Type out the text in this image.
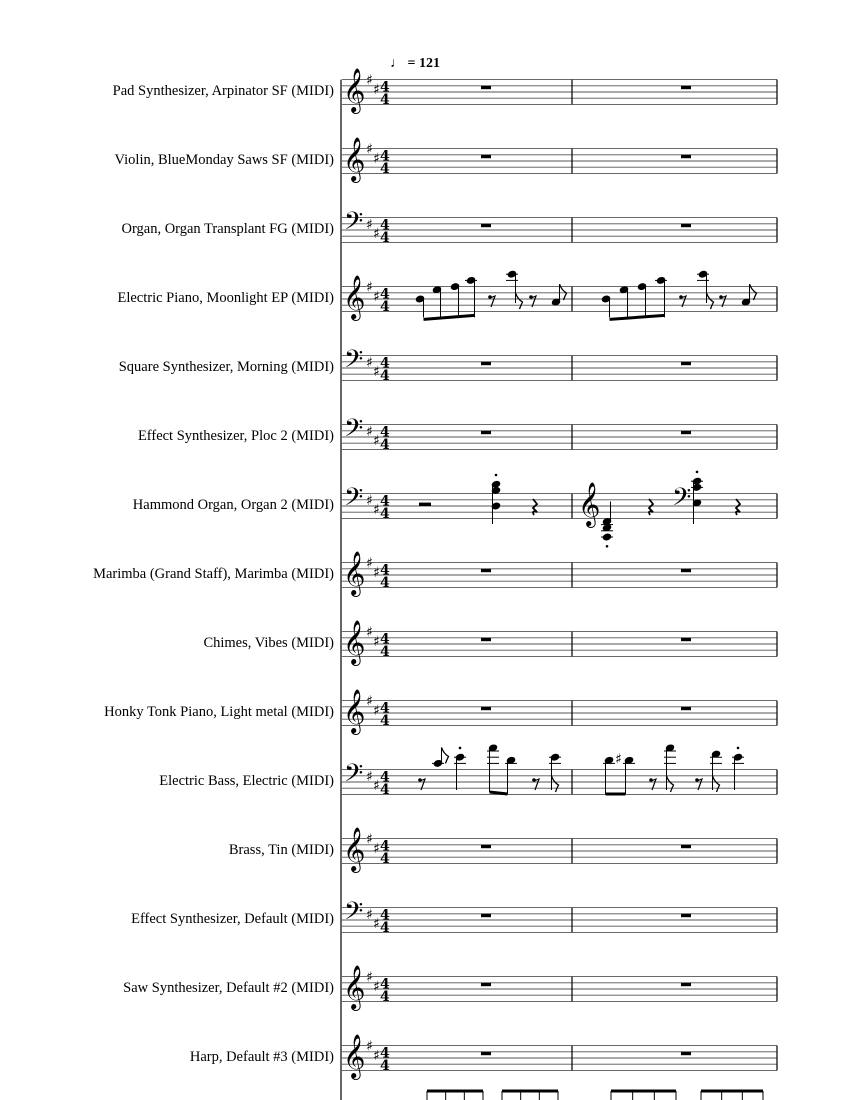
♩ = 121
Pad Synthesizer, Arpinator SF (MIDI)
Violin, BlueMonday Saws SF (MIDI)
Organ, Organ Transplant FG (MIDI)
Electric Piano, Moonlight EP (MIDI)
Square Synthesizer, Morning (MIDI)
Effect Synthesizer, Ploc 2 (MIDI)
Hammond Organ, Organ 2 (MIDI)
Marimba (Grand Staff), Marimba (MIDI)
Chimes, Vibes (MIDI)
Honky Tonk Piano, Light metal (MIDI)
Electric Bass, Electric (MIDI)
Brass, Tin (MIDI)
Effect Synthesizer, Default (MIDI)
Saw Synthesizer, Default #2 (MIDI)
Harp, Default #3 (MIDI)
𝄞 ♯
♯ 4
4
𝄞 ♯
♯ 4
4
𝄢 ♯
♯
4
4
𝄞 ♯
♯ 4
4
𝄢 ♯
♯
4
4
𝄢 ♯
♯
4
4
𝄢 ♯
♯
4
4	𝄞 𝄢
𝄞 ♯
♯ 4
4
𝄞 ♯
♯ 4
4
𝄞 ♯
♯ 4
4
𝄢 ♯
♯
4
4
♯
𝄞 ♯
♯ 4
4
𝄢 ♯
♯
4
4
𝄞 ♯
♯ 4
4
𝄞 ♯
♯ 4
4
